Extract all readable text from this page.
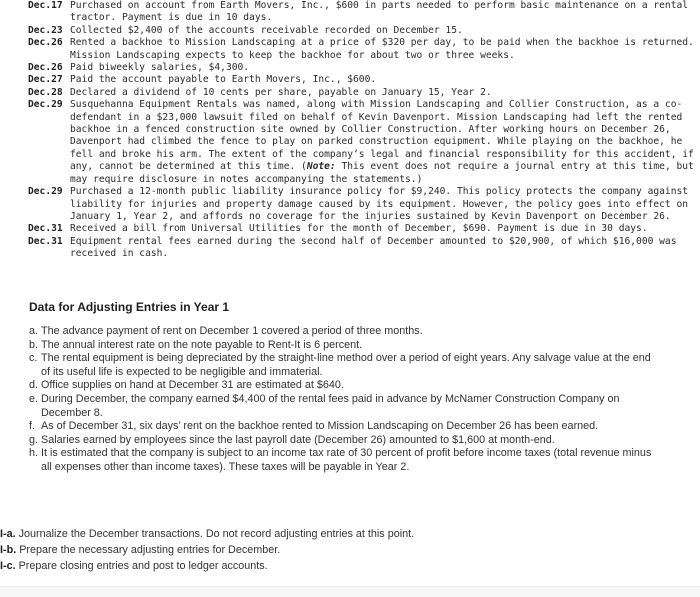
Dec.17 Purchased on account from Earth Movers, Inc., $600 in parts needed to perform basic maintenance on a rental tractor. Payment is due in 10 days.
Dec.23 Collected $2,400 of the accounts receivable recorded on December 15.
Dec.26 Rented a backhoe to Mission Landscaping at a price of $320 per day, to be paid when the backhoe is returned. Mission Landscaping expects to keep the backhoe for about two or three weeks.
Dec.26 Paid biweekly salaries, $4,300.
Dec.27 Paid the account payable to Earth Movers, Inc., $600.
Dec.28 Declared a dividend of 10 cents per share, payable on January 15, Year 2.
Dec.29 Susquehanna Equipment Rentals was named, along with Mission Landscaping and Collier Construction, as a co-defendant in a $23,000 lawsuit filed on behalf of Kevin Davenport. Mission Landscaping had left the rented backhoe in a fenced construction site owned by Collier Construction. After working hours on December 26, Davenport had climbed the fence to play on parked construction equipment. While playing on the backhoe, he fell and broke his arm. The extent of the company’s legal and financial responsibility for this accident, if any, cannot be determined at this time. (Note: This event does not require a journal entry at this time, but may require disclosure in notes accompanying the statements.)
Dec.29 Purchased a 12-month public liability insurance policy for $9,240. This policy protects the company against liability for injuries and property damage caused by its equipment. However, the policy goes into effect on January 1, Year 2, and affords no coverage for the injuries sustained by Kevin Davenport on December 26.
Dec.31 Received a bill from Universal Utilities for the month of December, $690. Payment is due in 30 days.
Dec.31 Equipment rental fees earned during the second half of December amounted to $20,900, of which $16,000 was received in cash.
Data for Adjusting Entries in Year 1
a. The advance payment of rent on December 1 covered a period of three months.
b. The annual interest rate on the note payable to Rent-It is 6 percent.
c. The rental equipment is being depreciated by the straight-line method over a period of eight years. Any salvage value at the end of its useful life is expected to be negligible and immaterial.
d. Office supplies on hand at December 31 are estimated at $640.
e. During December, the company earned $4,400 of the rental fees paid in advance by McNamer Construction Company on December 8.
f. As of December 31, six days’ rent on the backhoe rented to Mission Landscaping on December 26 has been earned.
g. Salaries earned by employees since the last payroll date (December 26) amounted to $1,600 at month-end.
h. It is estimated that the company is subject to an income tax rate of 30 percent of profit before income taxes (total revenue minus all expenses other than income taxes). These taxes will be payable in Year 2.
I-a. Journalize the December transactions. Do not record adjusting entries at this point.
I-b. Prepare the necessary adjusting entries for December.
I-c. Prepare closing entries and post to ledger accounts.
